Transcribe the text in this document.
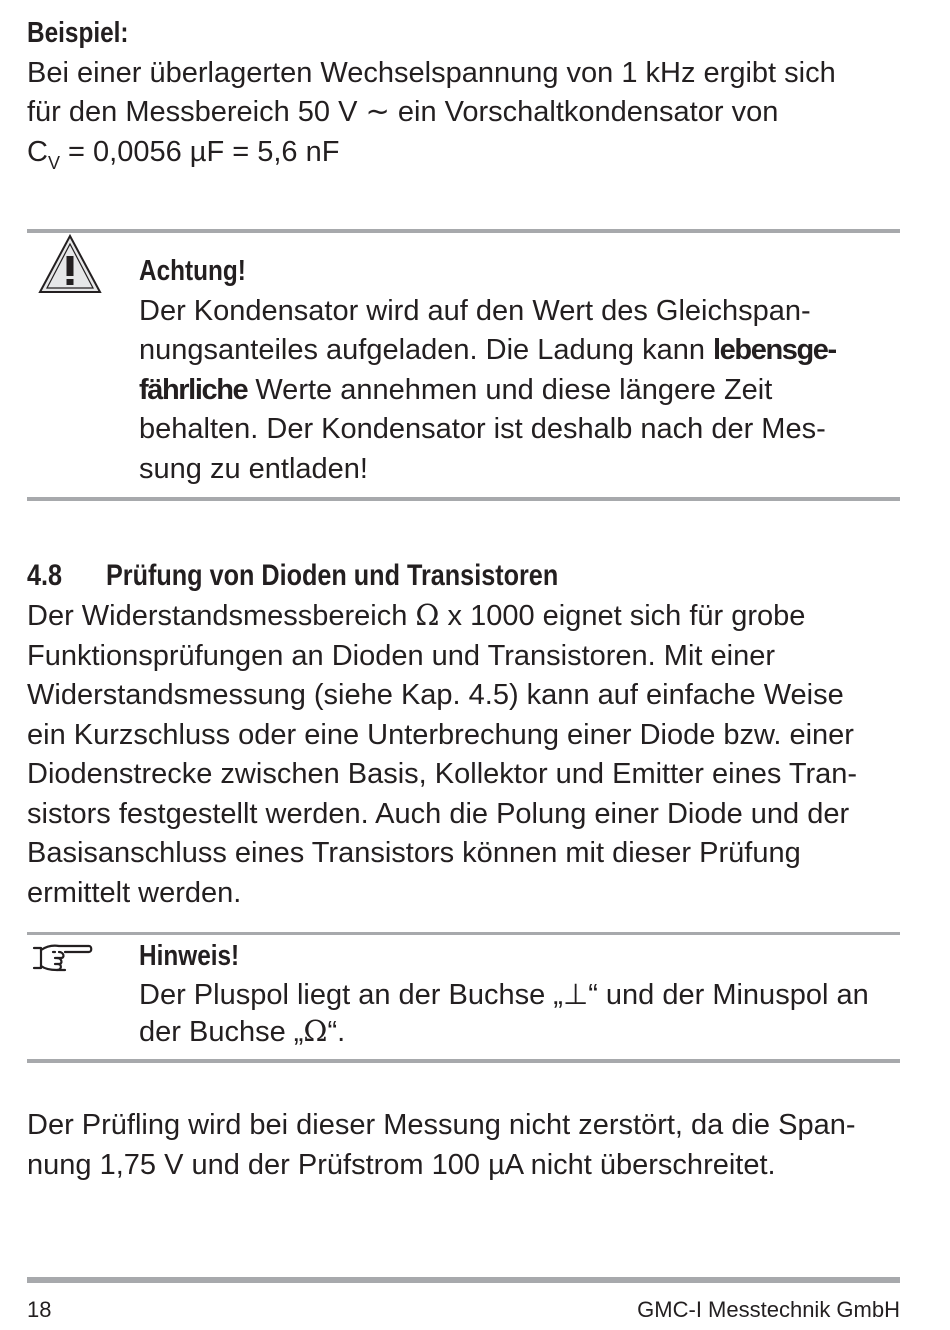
Beispiel:

Bei einer überlagerten Wechselspannung von 1 kHz ergibt sich

für den Messbereich 50 V ∼ ein Vorschaltkondensator von

$C_V = 0,0056$ µF = 5,6 nF

Achtung!

Der Kondensator wird auf den Wert des Gleichspan-

nungsanteiles aufgeladen. Die Ladung kann lebensge-

fährliche Werte annehmen und diese längere Zeit

behalten. Der Kondensator ist deshalb nach der Mes-

sung zu entladen!

4.8 Prüfung von Dioden und Transistoren

Der Widerstandsmessbereich Ω x 1000 eignet sich für grobe

Funktionsprüfungen an Dioden und Transistoren. Mit einer

Widerstandsmessung (siehe Kap. 4.5) kann auf einfache Weise

ein Kurzschluss oder eine Unterbrechung einer Diode bzw. einer

Diodenstrecke zwischen Basis, Kollektor und Emitter eines Tran-

sistors festgestellt werden. Auch die Polung einer Diode und der

Basisanschluss eines Transistors können mit dieser Prüfung

ermittelt werden.

Hinweis!

Der Pluspol liegt an der Buchse „⊥“ und der Minuspol an

der Buchse „Ω“.

Der Prüfling wird bei dieser Messung nicht zerstört, da die Span-

nung 1,75 V und der Prüfstrom 100 µA nicht überschreitet.

18	GMC-I Messtechnik GmbH
